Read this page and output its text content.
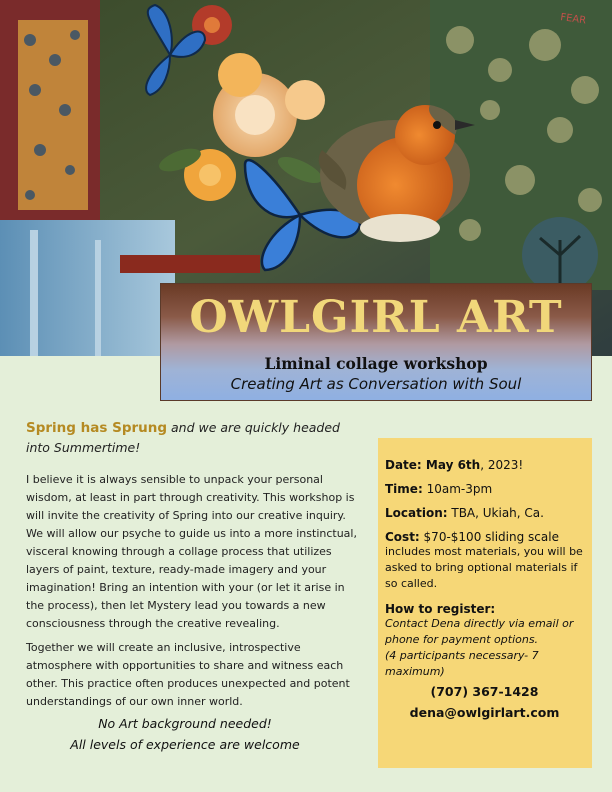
FEAR
OWLGIRL ART
Liminal collage workshop
Creating Art as Conversation with Soul
Spring has Sprung and we are quickly headed into Summertime!

I believe it is always sensible to unpack your personal wisdom, at least in part through creativity. This workshop is will invite the creativity of Spring into our creative inquiry. We will allow our psyche to guide us into a more instinctual, visceral knowing through a collage process that utilizes layers of paint, texture, ready-made imagery and your imagination! Bring an intention with your (or let it arise in the process), then let Mystery lead you towards a new consciousness through the creative revealing.

Together we will create an inclusive, introspective atmosphere with opportunities to share and witness each other. This practice often produces unexpected and potent understandings of our own inner world.

No Art background needed!
All levels of experience are welcome
Date: May 6th, 2023!
Time: 10am-3pm
Location: TBA, Ukiah, Ca.
Cost: $70-$100 sliding scale
includes most materials, you will be asked to bring optional materials if so called.
How to register:
Contact Dena directly via email or phone for payment options.
(4 participants necessary- 7 maximum)
(707) 367-1428
dena@owlgirlart.com
